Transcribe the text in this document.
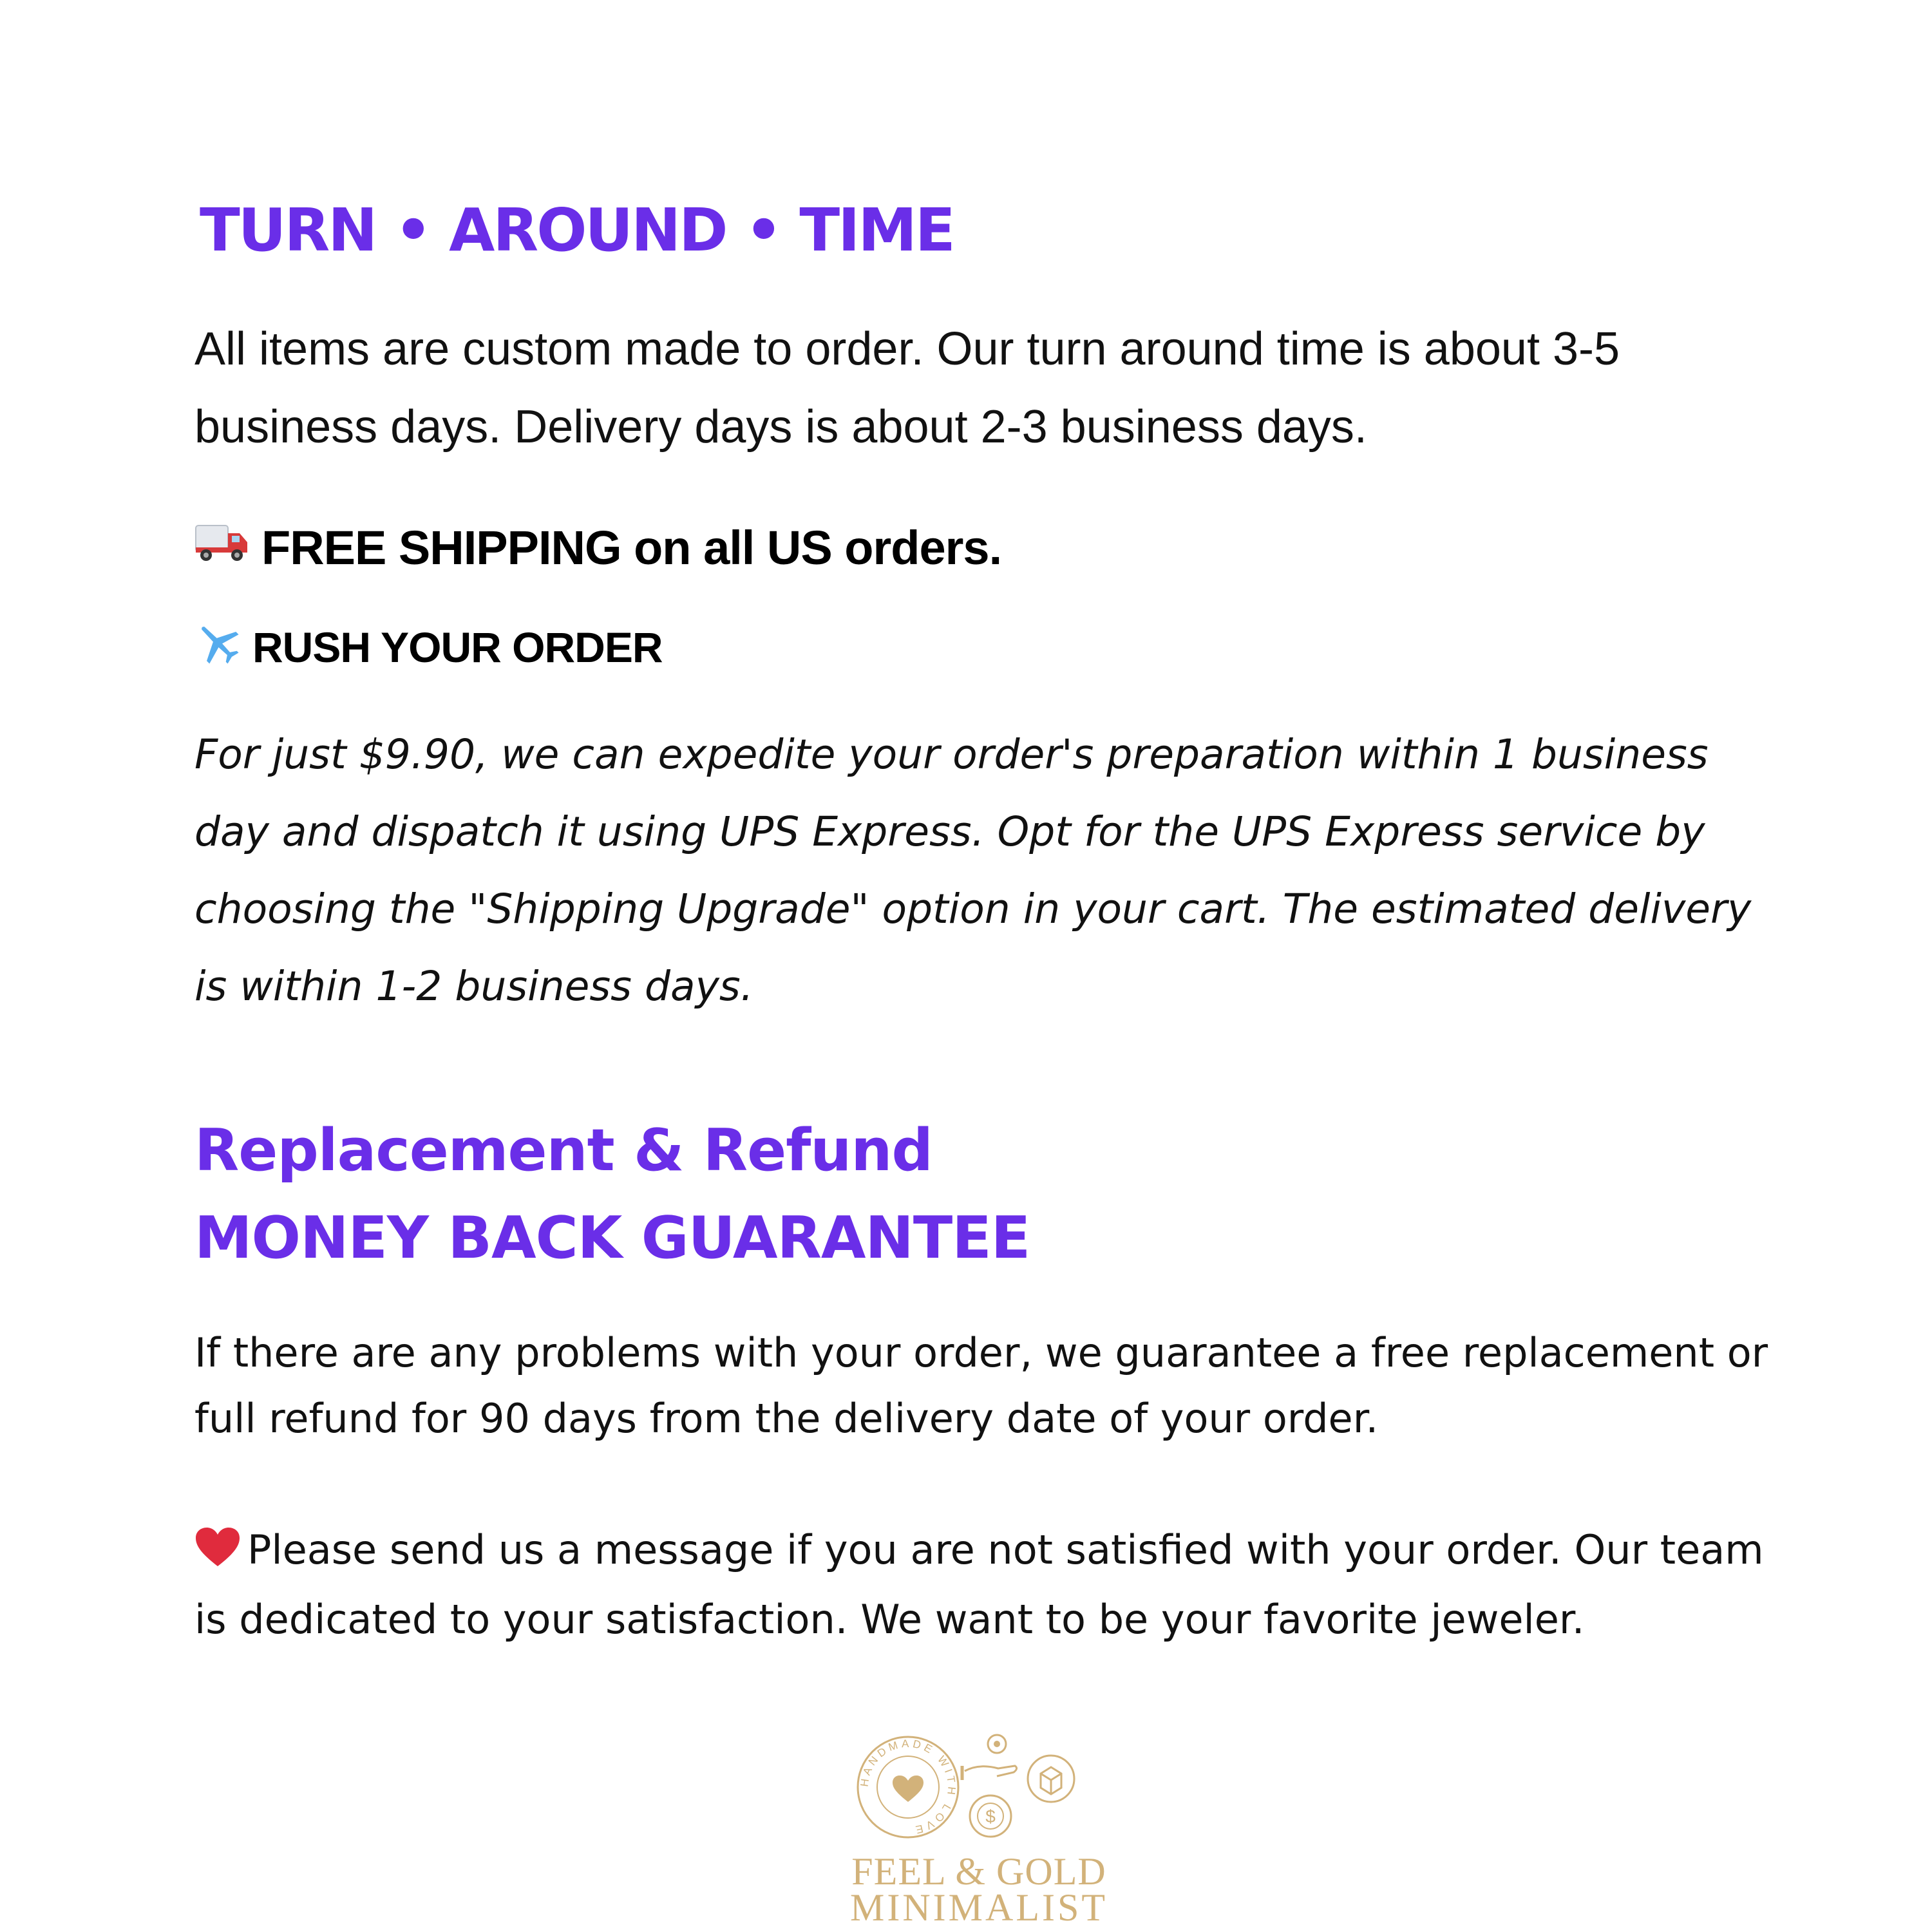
TURN • AROUND • TIME
All items are custom made to order. Our turn around time is about 3-5 business days. Delivery days is about 2-3 business days.
FREE SHIPPING on all US orders.
RUSH YOUR ORDER
For just $9.90, we can expedite your order's preparation within 1 business day and dispatch it using UPS Express. Opt for the UPS Express service by choosing the "Shipping Upgrade" option in your cart. The estimated delivery is within 1-2 business days.
Replacement & Refund
MONEY BACK GUARANTEE
If there are any problems with your order, we guarantee a free replacement or full refund for 90 days from the delivery date of your order.
Please send us a message if you are not satisfied with your order. Our team is dedicated to your satisfaction. We want to be your favorite jeweler.
HANDMADE WITH LOVE
$
FEEL & GOLD
MINIMALIST
